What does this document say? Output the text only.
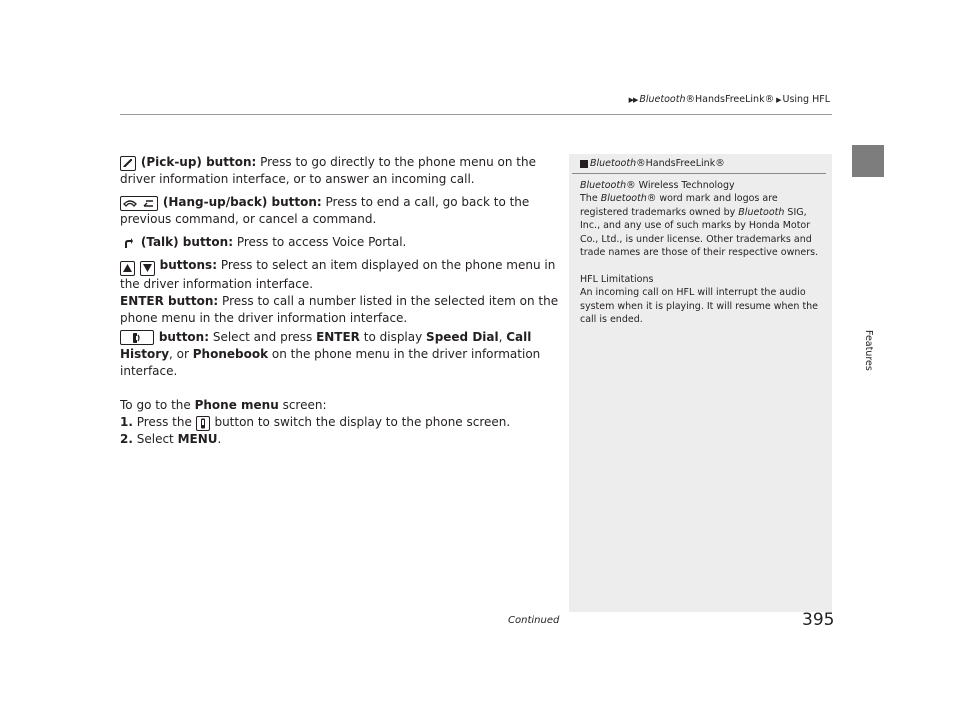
▶▶ Bluetooth ® HandsFreeLink ® ▶ Using HFL
Features

(Pick-up) button: Press to go directly to the phone menu on the driver information interface, or to answer an incoming call.

(Hang-up/back) button: Press to end a call, go back to the previous command, or cancel a command.

(Talk) button: Press to access Voice Portal.

buttons: Press to select an item displayed on the phone menu in the driver information interface.

ENTER button: Press to call a number listed in the selected item on the phone menu in the driver information interface.

button: Select and press ENTER to display Speed Dial, Call History, or Phonebook on the phone menu in the driver information interface.

To go to the Phone menu screen:

1. Press the
button to switch the display to the phone screen.

2. Select MENU.

Bluetooth ® HandsFreeLink ®

Bluetooth® Wireless Technology

The Bluetooth® word mark and logos are registered trademarks owned by Bluetooth SIG, Inc., and any use of such marks by Honda Motor Co., Ltd., is under license. Other trademarks and trade names are those of their respective owners.

HFL Limitations

An incoming call on HFL will interrupt the audio system when it is playing. It will resume when the call is ended.

Continued	395
